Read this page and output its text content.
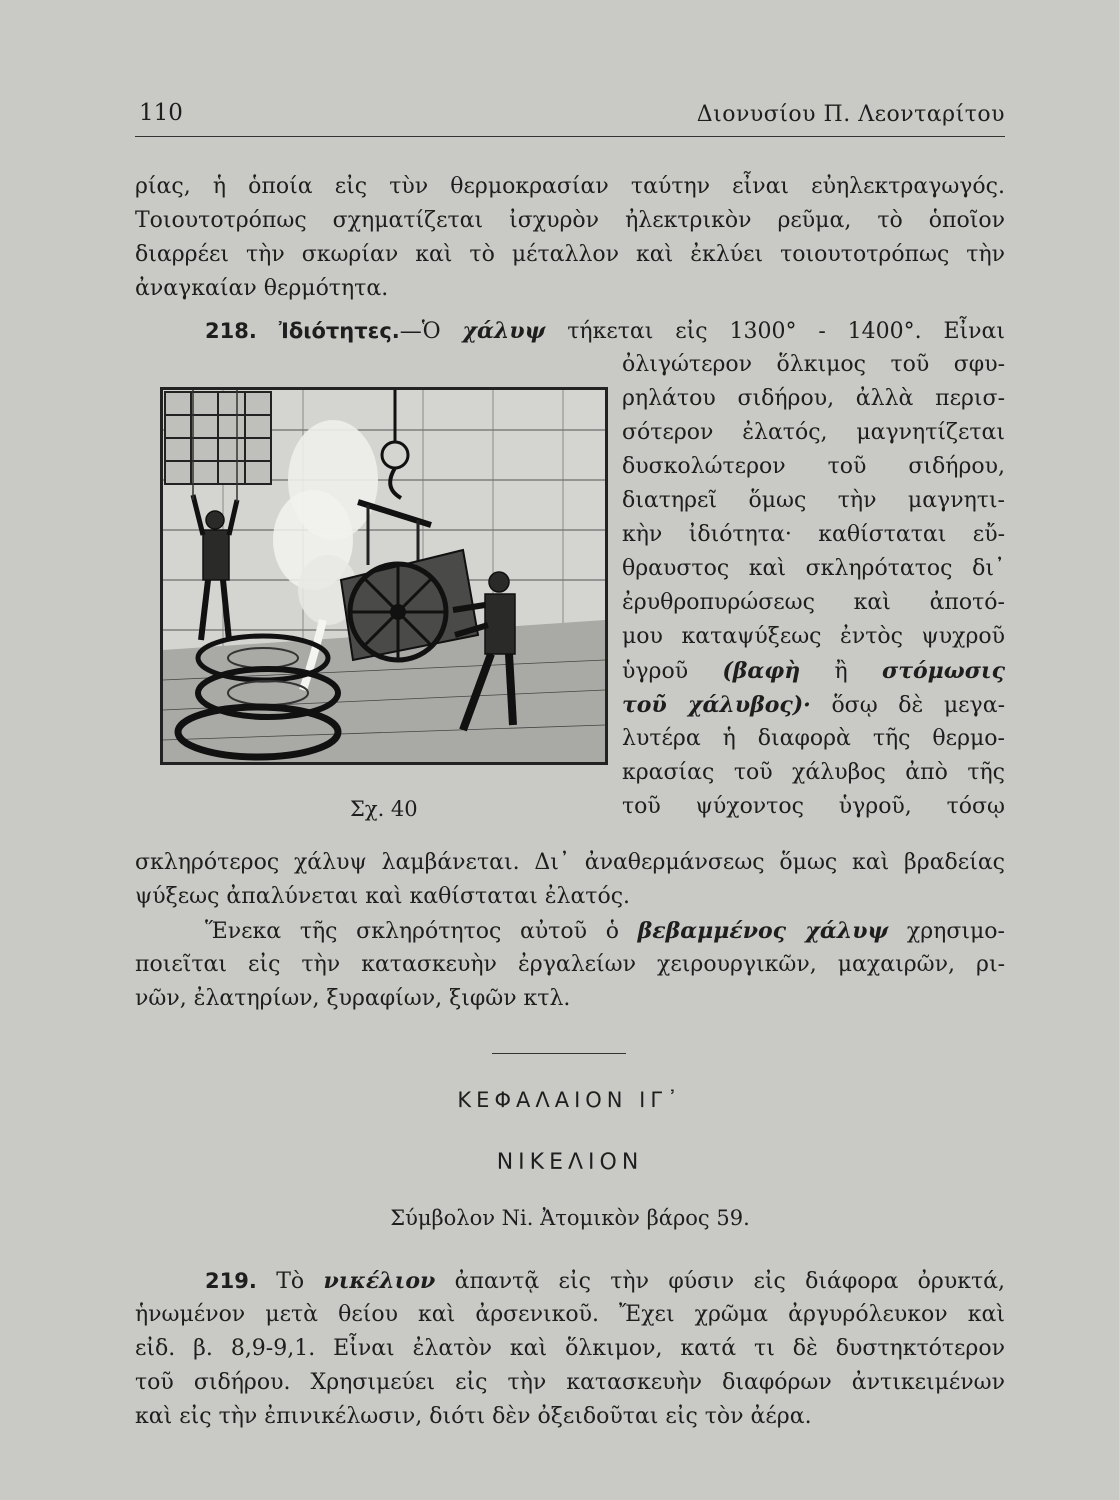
110	Διονυσίου Π. Λεονταρίτου
ρίας, ἡ ὁποία εἰς τὺν θερμοκρασίαν ταύτην εἶναι εὐηλεκτραγωγός.
Τοιουτοτρόπως σχηματίζεται ἰσχυρὸν ἠλεκτρικὸν ρεῦμα, τὸ ὁποῖον
διαρρέει τὴν σκωρίαν καὶ τὸ μέταλλον καὶ ἐκλύει τοιουτοτρόπως τὴν
ἀναγκαίαν θερμότητα.
218. Ἰδιότητες.—Ὁ χάλυψ τήκεται εἰς 1300° - 1400°. Εἶναι
Σχ. 40
ὀλιγώτερον ὅλκιμος τοῦ σφυ-
ρηλάτου σιδήρου, ἀλλὰ περισ-
σότερον ἐλατός, μαγνητίζεται
δυσκολώτερον τοῦ σιδήρου,
διατηρεῖ ὅμως τὴν μαγνητι-
κὴν ἰδιότητα· καθίσταται εὔ-
θραυστος καὶ σκληρότατος δι᾽
ἐρυθροπυρώσεως καὶ ἀποτό-
μου καταψύξεως ἐντὸς ψυχροῦ
ὑγροῦ (βαφὴ ἢ στόμωσις
τοῦ χάλυβος)· ὅσῳ δὲ μεγα-
λυτέρα ἡ διαφορὰ τῆς θερμο-
κρασίας τοῦ χάλυβος ἀπὸ τῆς
τοῦ ψύχοντος ὑγροῦ, τόσῳ
σκληρότερος χάλυψ λαμβάνεται. Δι᾽ ἀναθερμάνσεως ὅμως καὶ βραδείας
ψύξεως ἀπαλύνεται καὶ καθίσταται ἐλατός.
Ἕνεκα τῆς σκληρότητος αὐτοῦ ὁ βεβαμμένος χάλυψ χρησιμο-
ποιεῖται εἰς τὴν κατασκευὴν ἐργαλείων χειρουργικῶν, μαχαιρῶν, ρι-
νῶν, ἐλατηρίων, ξυραφίων, ξιφῶν κτλ.
ΚΕΦΑΛΑΙΟΝ ΙΓ᾽
ΝΙΚΕΛΙΟΝ
Σύμβολον Ni. Ἀτομικὸν βάρος 59.
219. Τὸ νικέλιον ἀπαντᾷ εἰς τὴν φύσιν εἰς διάφορα ὀρυκτά,
ἡνωμένον μετὰ θείου καὶ ἀρσενικοῦ. Ἔχει χρῶμα ἀργυρόλευκον καὶ
εἰδ. β. 8,9-9,1. Εἶναι ἐλατὸν καὶ ὅλκιμον, κατά τι δὲ δυστηκτότερον
τοῦ σιδήρου. Χρησιμεύει εἰς τὴν κατασκευὴν διαφόρων ἀντικειμένων
καὶ εἰς τὴν ἐπινικέλωσιν, διότι δὲν ὀξειδοῦται εἰς τὸν ἀέρα.
